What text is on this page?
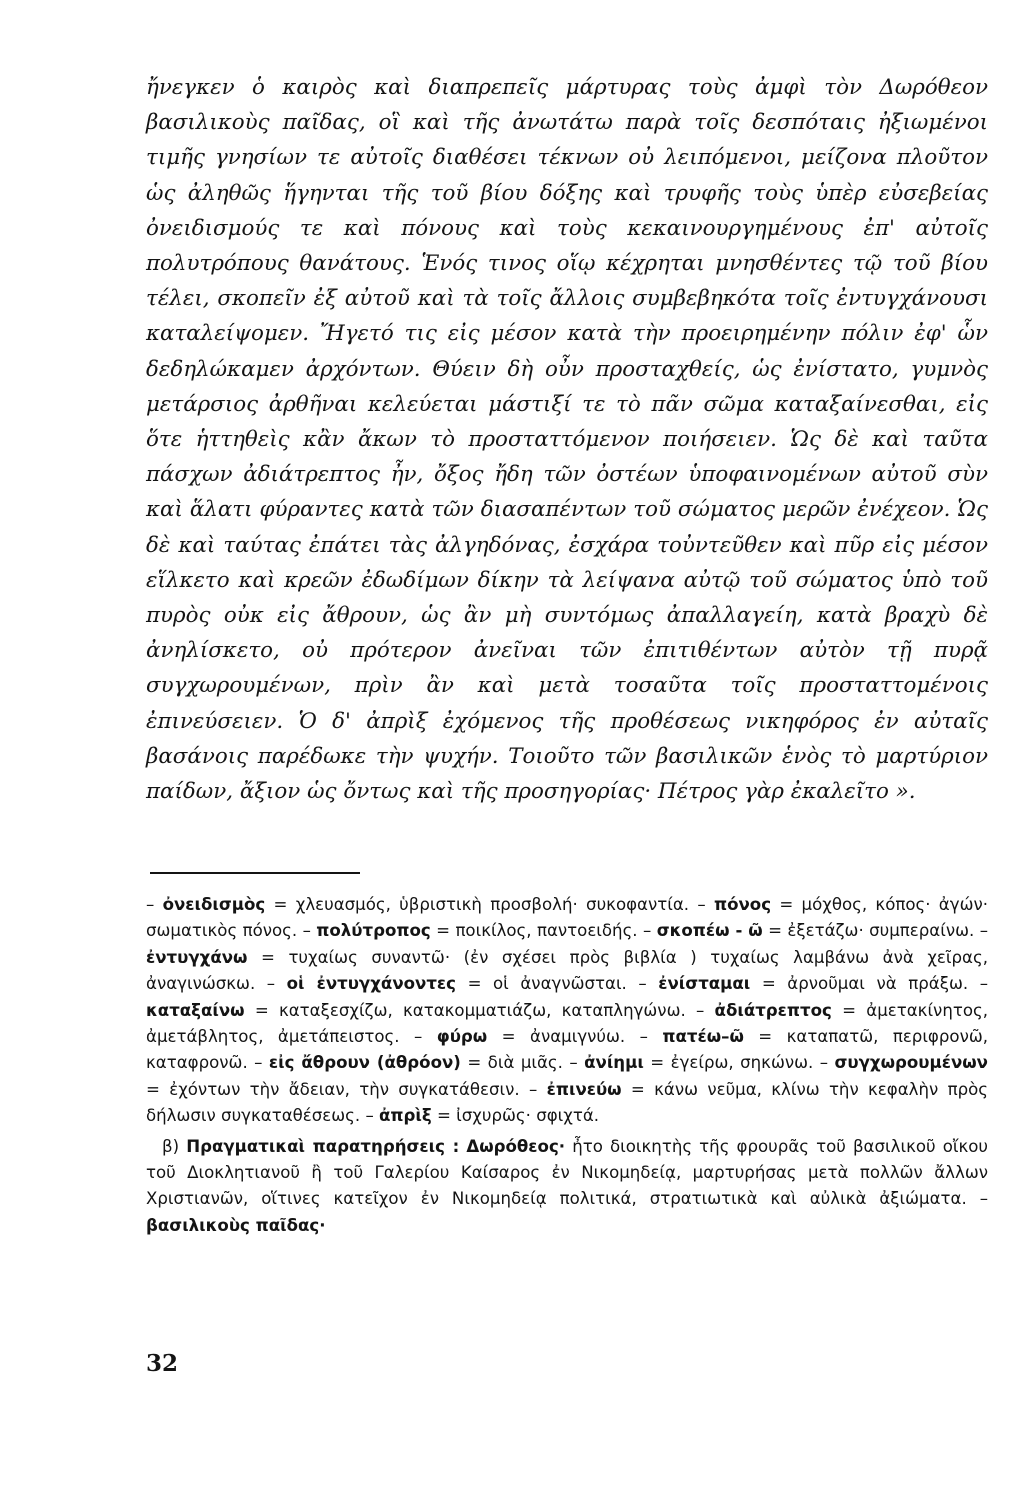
ἤνεγκεν ὁ καιρὸς καὶ διαπρεπεῖς μάρτυρας τοὺς ἀμφὶ τὸν Δωρόθεον βασιλικοὺς παῖδας, οἳ καὶ τῆς ἀνωτάτω παρὰ τοῖς δεσπόταις ἠξιωμένοι τιμῆς γνησίων τε αὐτοῖς διαθέσει τέκνων οὐ λειπόμενοι, μείζονα πλοῦτον ὡς ἀληθῶς ἥγηνται τῆς τοῦ βίου δόξης καὶ τρυφῆς τοὺς ὑπὲρ εὐσεβείας ὀνειδισμούς τε καὶ πόνους καὶ τοὺς κεκαινουργημένους ἐπ' αὐτοῖς πολυτρόπους θανάτους. Ἑνός τινος οἵῳ κέχρηται μνησθέντες τῷ τοῦ βίου τέλει, σκοπεῖν ἐξ αὐτοῦ καὶ τὰ τοῖς ἄλλοις συμβεβηκότα τοῖς ἐντυγχάνουσι καταλείψομεν. Ἤγετό τις εἰς μέσον κατὰ τὴν προειρημένην πόλιν ἐφ' ὧν δεδηλώκαμεν ἀρχόντων. Θύειν δὴ οὖν προσταχθείς, ὡς ἐνίστατο, γυμνὸς μετάρσιος ἀρθῆναι κελεύεται μάστιξί τε τὸ πᾶν σῶμα καταξαίνεσθαι, εἰς ὅτε ἡττηθεὶς κἂν ἄκων τὸ προσταττόμενον ποιήσειεν. Ὡς δὲ καὶ ταῦτα πάσχων ἀδιάτρεπτος ἦν, ὄξος ἤδη τῶν ὀστέων ὑποφαινομένων αὐτοῦ σὺν καὶ ἅλατι φύραντες κατὰ τῶν διασαπέντων τοῦ σώματος μερῶν ἐνέχεον. Ὡς δὲ καὶ ταύτας ἐπάτει τὰς ἀλγηδόνας, ἐσχάρα τοὐντεῦθεν καὶ πῦρ εἰς μέσον εἵλκετο καὶ κρεῶν ἐδωδίμων δίκην τὰ λείψανα αὐτῷ τοῦ σώματος ὑπὸ τοῦ πυρὸς οὐκ εἰς ἄθρουν, ὡς ἂν μὴ συντόμως ἀπαλλαγείη, κατὰ βραχὺ δὲ ἀνηλίσκετο, οὐ πρότερον ἀνεῖναι τῶν ἐπιτιθέντων αὐτὸν τῇ πυρᾷ συγχωρουμένων, πρὶν ἂν καὶ μετὰ τοσαῦτα τοῖς προσταττομένοις ἐπινεύσειεν. Ὁ δ' ἀπρὶξ ἐχόμενος τῆς προθέσεως νικηφόρος ἐν αὐταῖς βασάνοις παρέδωκε τὴν ψυχήν. Τοιοῦτο τῶν βασιλικῶν ἑνὸς τὸ μαρτύριον παίδων, ἄξιον ὡς ὄντως καὶ τῆς προσηγορίας· Πέτρος γὰρ ἐκαλεῖτο ».

– ὀνειδισμὸς = χλευασμός, ὑβριστικὴ προσβολή· συκοφαντία. – πόνος = μόχθος, κόπος· ἀγών· σωματικὸς πόνος. – πολύτροπος = ποικίλος, παντοειδής. – σκοπέω - ῶ = ἐξετάζω· συμπεραίνω. – ἐντυγχάνω = τυχαίως συναντῶ· (ἐν σχέσει πρὸς βιβλία ) τυχαίως λαμβάνω ἀνὰ χεῖρας, ἀναγινώσκω. – οἱ ἐντυγχάνοντες = οἱ ἀναγνῶσται. – ἐνίσταμαι = ἀρνοῦμαι νὰ πράξω. – καταξαίνω = καταξεσχίζω, κατακομματιάζω, καταπληγώνω. – ἀδιάτρεπτος = ἀμετακίνητος, ἀμετάβλητος, ἀμετάπειστος. – φύρω = ἀναμιγνύω. – πατέω–ῶ = καταπατῶ, περιφρονῶ, καταφρονῶ. – εἰς ἄθρουν (ἀθρόον) = διὰ μιᾶς. – ἀνίημι = ἐγείρω, σηκώνω. – συγχωρουμένων = ἐχόντων τὴν ἄδειαν, τὴν συγκατάθεσιν. – ἐπινεύω = κάνω νεῦμα, κλίνω τὴν κεφαλὴν πρὸς δήλωσιν συγκαταθέσεως. – ἀπρὶξ = ἰσχυρῶς· σφιχτά.

β) Πραγματικαὶ παρατηρήσεις : Δωρόθεος· ἦτο διοικητὴς τῆς φρουρᾶς τοῦ βασιλικοῦ οἴκου τοῦ Διοκλητιανοῦ ἢ τοῦ Γαλερίου Καίσαρος ἐν Νικομηδείᾳ, μαρτυρήσας μετὰ πολλῶν ἄλλων Χριστιανῶν, οἵτινες κατεῖχον ἐν Νικομηδείᾳ πολιτικά, στρατιωτικὰ καὶ αὐλικὰ ἀξιώματα. – βασιλικοὺς παῖδας·

32
